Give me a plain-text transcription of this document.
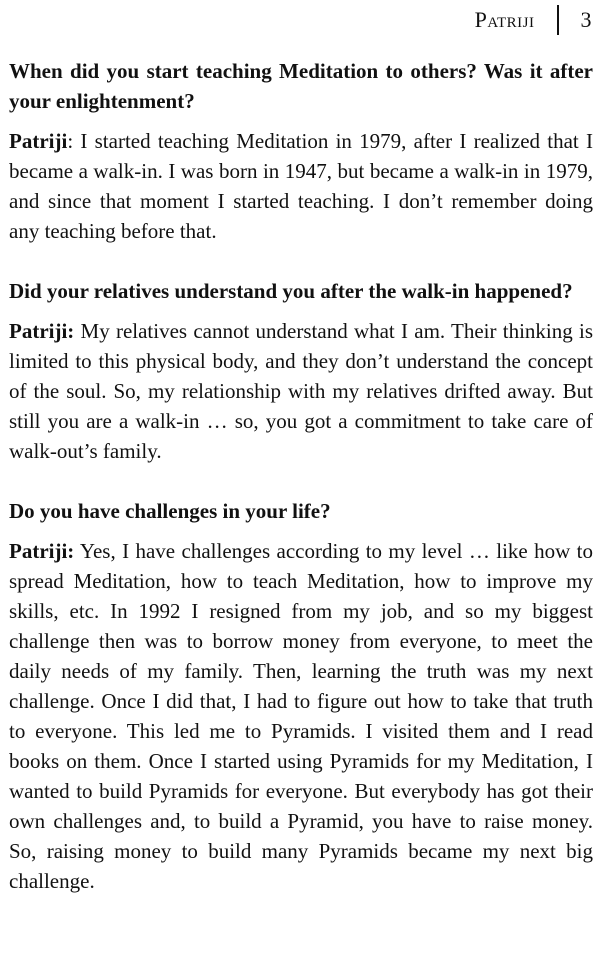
Patriji 3

When did you start teaching Meditation to others? Was it after your enlightenment?

Patriji: I started teaching Meditation in 1979, after I realized that I became a walk-in. I was born in 1947, but became a walk-in in 1979, and since that moment I started teaching. I don’t remember doing any teaching before that.

Did your relatives understand you after the walk-in happened?

Patriji: My relatives cannot understand what I am. Their thinking is limited to this physical body, and they don’t understand the concept of the soul. So, my relationship with my relatives drifted away. But still you are a walk-in … so, you got a commitment to take care of walk-out’s family.

Do you have challenges in your life?

Patriji: Yes, I have challenges according to my level … like how to spread Meditation, how to teach Meditation, how to improve my skills, etc. In 1992 I resigned from my job, and so my biggest challenge then was to borrow money from everyone, to meet the daily needs of my family. Then, learning the truth was my next challenge. Once I did that, I had to figure out how to take that truth to everyone. This led me to Pyramids. I visited them and I read books on them. Once I started using Pyramids for my Meditation, I wanted to build Pyramids for everyone. But everybody has got their own challenges and, to build a Pyramid, you have to raise money. So, raising money to build many Pyramids became my next big challenge.
